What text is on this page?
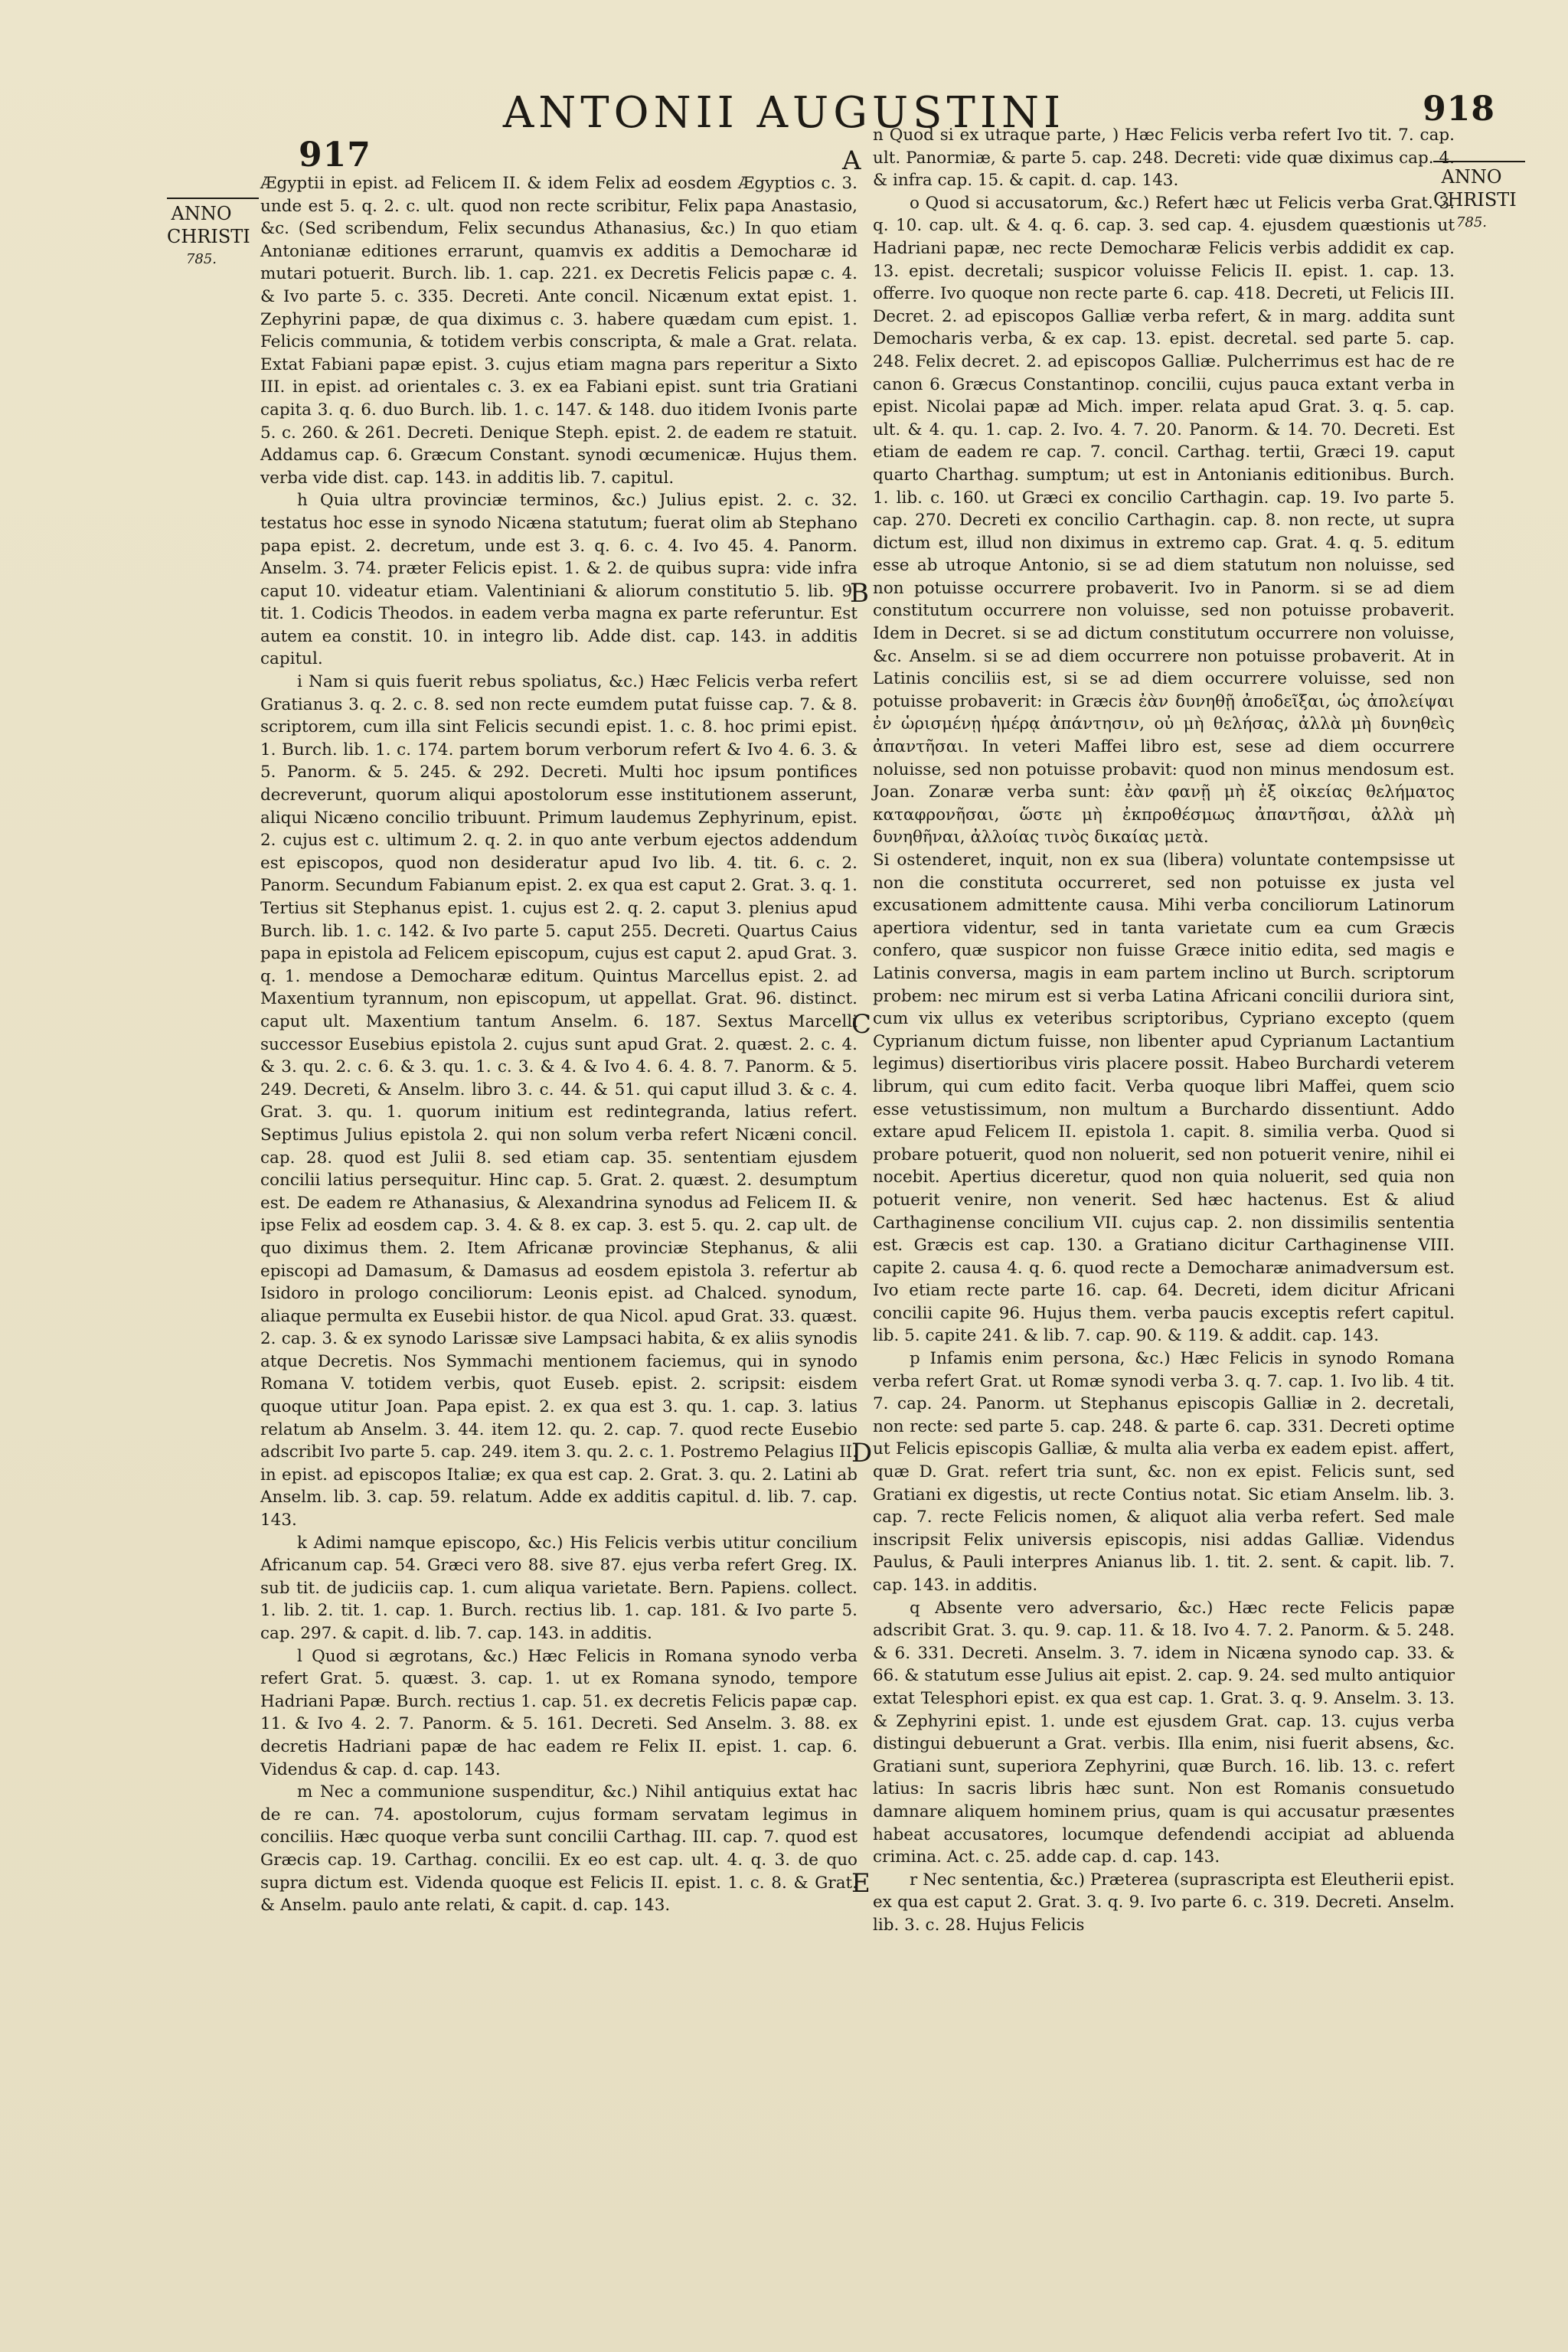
917
ANTONII AUGUSTINI	918
ANNO
CHRISTI
785.
ANNO
CHRISTI
785.
A
B
C
D
E

Ægyptii in epist. ad Felicem II. & idem Felix ad eosdem Ægyptios c. 3. unde est 5. q. 2. c. ult. quod non recte scribitur, Felix papa Anastasio, &c. (Sed scribendum, Felix secundus Athanasius, &c.) In quo etiam Antonianæ editiones errarunt, quamvis ex additis a Democharæ id mutari potuerit. Burch. lib. 1. cap. 221. ex Decretis Felicis papæ c. 4. & Ivo parte 5. c. 335. Decreti. Ante concil. Nicænum extat epist. 1. Zephyrini papæ, de qua diximus c. 3. habere quædam cum epist. 1. Felicis communia, & totidem verbis conscripta, & male a Grat. relata. Extat Fabiani papæ epist. 3. cujus etiam magna pars reperitur a Sixto III. in epist. ad orientales c. 3. ex ea Fabiani epist. sunt tria Gratiani capita 3. q. 6. duo Burch. lib. 1. c. 147. & 148. duo itidem Ivonis parte 5. c. 260. & 261. Decreti. Denique Steph. epist. 2. de eadem re statuit. Addamus cap. 6. Græcum Constant. synodi œcumenicæ. Hujus them. verba vide dist. cap. 143. in additis lib. 7. capitul.

h Quia ultra provinciæ terminos, &c.) Julius epist. 2. c. 32. testatus hoc esse in synodo Nicæna statutum; fuerat olim ab Stephano papa epist. 2. decretum, unde est 3. q. 6. c. 4. Ivo 45. 4. Panorm. Anselm. 3. 74. præter Felicis epist. 1. & 2. de quibus supra: vide infra caput 10. videatur etiam. Valentiniani & aliorum constitutio 5. lib. 9. tit. 1. Codicis Theodos. in eadem verba magna ex parte referuntur. Est autem ea constit. 10. in integro lib. Adde dist. cap. 143. in additis capitul.

i Nam si quis fuerit rebus spoliatus, &c.) Hæc Felicis verba refert Gratianus 3. q. 2. c. 8. sed non recte eumdem putat fuisse cap. 7. & 8. scriptorem, cum illa sint Felicis secundi epist. 1. c. 8. hoc primi epist. 1. Burch. lib. 1. c. 174. partem borum verborum refert & Ivo 4. 6. 3. & 5. Panorm. & 5. 245. & 292. Decreti. Multi hoc ipsum pontifices decreverunt, quorum aliqui apostolorum esse institutionem asserunt, aliqui Nicæno concilio tribuunt. Primum laudemus Zephyrinum, epist. 2. cujus est c. ultimum 2. q. 2. in quo ante verbum ejectos addendum est episcopos, quod non desideratur apud Ivo lib. 4. tit. 6. c. 2. Panorm. Secundum Fabianum epist. 2. ex qua est caput 2. Grat. 3. q. 1. Tertius sit Stephanus epist. 1. cujus est 2. q. 2. caput 3. plenius apud Burch. lib. 1. c. 142. & Ivo parte 5. caput 255. Decreti. Quartus Caius papa in epistola ad Felicem episcopum, cujus est caput 2. apud Grat. 3. q. 1. mendose a Democharæ editum. Quintus Marcellus epist. 2. ad Maxentium tyrannum, non episcopum, ut appellat. Grat. 96. distinct. caput ult. Maxentium tantum Anselm. 6. 187. Sextus Marcelli successor Eusebius epistola 2. cujus sunt apud Grat. 2. quæst. 2. c. 4. & 3. qu. 2. c. 6. & 3. qu. 1. c. 3. & 4. & Ivo 4. 6. 4. 8. 7. Panorm. & 5. 249. Decreti, & Anselm. libro 3. c. 44. & 51. qui caput illud 3. & c. 4. Grat. 3. qu. 1. quorum initium est redintegranda, latius refert. Septimus Julius epistola 2. qui non solum verba refert Nicæni concil. cap. 28. quod est Julii 8. sed etiam cap. 35. sententiam ejusdem concilii latius persequitur. Hinc cap. 5. Grat. 2. quæst. 2. desumptum est. De eadem re Athanasius, & Alexandrina synodus ad Felicem II. & ipse Felix ad eosdem cap. 3. 4. & 8. ex cap. 3. est 5. qu. 2. cap ult. de quo diximus them. 2. Item Africanæ provinciæ Stephanus, & alii episcopi ad Damasum, & Damasus ad eosdem epistola 3. refertur ab Isidoro in prologo conciliorum: Leonis epist. ad Chalced. synodum, aliaque permulta ex Eusebii histor. de qua Nicol. apud Grat. 33. quæst. 2. cap. 3. & ex synodo Larissæ sive Lampsaci habita, & ex aliis synodis atque Decretis. Nos Symmachi mentionem faciemus, qui in synodo Romana V. totidem verbis, quot Euseb. epist. 2. scripsit: eisdem quoque utitur Joan. Papa epist. 2. ex qua est 3. qu. 1. cap. 3. latius relatum ab Anselm. 3. 44. item 12. qu. 2. cap. 7. quod recte Eusebio adscribit Ivo parte 5. cap. 249. item 3. qu. 2. c. 1. Postremo Pelagius II. in epist. ad episcopos Italiæ; ex qua est cap. 2. Grat. 3. qu. 2. Latini ab Anselm. lib. 3. cap. 59. relatum. Adde ex additis capitul. d. lib. 7. cap. 143.

k Adimi namque episcopo, &c.) His Felicis verbis utitur concilium Africanum cap. 54. Græci vero 88. sive 87. ejus verba refert Greg. IX. sub tit. de judiciis cap. 1. cum aliqua varietate. Bern. Papiens. collect. 1. lib. 2. tit. 1. cap. 1. Burch. rectius lib. 1. cap. 181. & Ivo parte 5. cap. 297. & capit. d. lib. 7. cap. 143. in additis.

l Quod si ægrotans, &c.) Hæc Felicis in Romana synodo verba refert Grat. 5. quæst. 3. cap. 1. ut ex Romana synodo, tempore Hadriani Papæ. Burch. rectius 1. cap. 51. ex decretis Felicis papæ cap. 11. & Ivo 4. 2. 7. Panorm. & 5. 161. Decreti. Sed Anselm. 3. 88. ex decretis Hadriani papæ de hac eadem re Felix II. epist. 1. cap. 6. Videndus & cap. d. cap. 143.

m Nec a communione suspenditur, &c.) Nihil antiquius extat hac de re can. 74. apostolorum, cujus formam servatam legimus in conciliis. Hæc quoque verba sunt concilii Carthag. III. cap. 7. quod est Græcis cap. 19. Carthag. concilii. Ex eo est cap. ult. 4. q. 3. de quo supra dictum est. Videnda quoque est Felicis II. epist. 1. c. 8. & Grat. & Anselm. paulo ante relati, & capit. d. cap. 143.

n Quod si ex utraque parte, ) Hæc Felicis verba refert Ivo tit. 7. cap. ult. Panormiæ, & parte 5. cap. 248. Decreti: vide quæ diximus cap. 4. & infra cap. 15. & capit. d. cap. 143.

o Quod si accusatorum, &c.) Refert hæc ut Felicis verba Grat. 3. q. 10. cap. ult. & 4. q. 6. cap. 3. sed cap. 4. ejusdem quæstionis ut Hadriani papæ, nec recte Democharæ Felicis verbis addidit ex cap. 13. epist. decretali; suspicor voluisse Felicis II. epist. 1. cap. 13. offerre. Ivo quoque non recte parte 6. cap. 418. Decreti, ut Felicis III. Decret. 2. ad episcopos Galliæ verba refert, & in marg. addita sunt Democharis verba, & ex cap. 13. epist. decretal. sed parte 5. cap. 248. Felix decret. 2. ad episcopos Galliæ. Pulcherrimus est hac de re canon 6. Græcus Constantinop. concilii, cujus pauca extant verba in epist. Nicolai papæ ad Mich. imper. relata apud Grat. 3. q. 5. cap. ult. & 4. qu. 1. cap. 2. Ivo. 4. 7. 20. Panorm. & 14. 70. Decreti. Est etiam de eadem re cap. 7. concil. Carthag. tertii, Græci 19. caput quarto Charthag. sumptum; ut est in Antonianis editionibus. Burch. 1. lib. c. 160. ut Græci ex concilio Carthagin. cap. 19. Ivo parte 5. cap. 270. Decreti ex concilio Carthagin. cap. 8. non recte, ut supra dictum est, illud non diximus in extremo cap. Grat. 4. q. 5. editum esse ab utroque Antonio, si se ad diem statutum non noluisse, sed non potuisse occurrere probaverit. Ivo in Panorm. si se ad diem constitutum occurrere non voluisse, sed non potuisse probaverit. Idem in Decret. si se ad dictum constitutum occurrere non voluisse, &c. Anselm. si se ad diem occurrere non potuisse probaverit. At in Latinis conciliis est, si se ad diem occurrere voluisse, sed non potuisse probaverit: in Græcis ἐὰν δυνηθῇ ἀποδεῖξαι, ὡς ἀπολείψαι ἐν ὡρισμένῃ ἡμέρᾳ ἀπάντησιν, οὐ μὴ θελήσας, ἀλλὰ μὴ δυνηθεὶς ἀπαντῆσαι. In veteri Maffei libro est, sese ad diem occurrere noluisse, sed non potuisse probavit: quod non minus mendosum est. Joan. Zonaræ verba sunt: ἐὰν φανῇ μὴ ἐξ οἰκείας θελήματος καταφρονῆσαι, ὥστε μὴ ἐκπροθέσμως ἀπαντῆσαι, ἀλλὰ μὴ δυνηθῆναι, ἀλλοίας τινὸς δικαίας μετὰ.

Si ostenderet, inquit, non ex sua (libera) voluntate contempsisse ut non die constituta occurreret, sed non potuisse ex justa vel excusationem admittente causa. Mihi verba conciliorum Latinorum apertiora videntur, sed in tanta varietate cum ea cum Græcis confero, quæ suspicor non fuisse Græce initio edita, sed magis e Latinis conversa, magis in eam partem inclino ut Burch. scriptorum probem: nec mirum est si verba Latina Africani concilii duriora sint, cum vix ullus ex veteribus scriptoribus, Cypriano excepto (quem Cyprianum dictum fuisse, non libenter apud Cyprianum Lactantium legimus) disertioribus viris placere possit. Habeo Burchardi veterem librum, qui cum edito facit. Verba quoque libri Maffei, quem scio esse vetustissimum, non multum a Burchardo dissentiunt. Addo extare apud Felicem II. epistola 1. capit. 8. similia verba. Quod si probare potuerit, quod non noluerit, sed non potuerit venire, nihil ei nocebit. Apertius diceretur, quod non quia noluerit, sed quia non potuerit venire, non venerit. Sed hæc hactenus. Est & aliud Carthaginense concilium VII. cujus cap. 2. non dissimilis sententia est. Græcis est cap. 130. a Gratiano dicitur Carthaginense VIII. capite 2. causa 4. q. 6. quod recte a Democharæ animadversum est. Ivo etiam recte parte 16. cap. 64. Decreti, idem dicitur Africani concilii capite 96. Hujus them. verba paucis exceptis refert capitul. lib. 5. capite 241. & lib. 7. cap. 90. & 119. & addit. cap. 143.

p Infamis enim persona, &c.) Hæc Felicis in synodo Romana verba refert Grat. ut Romæ synodi verba 3. q. 7. cap. 1. Ivo lib. 4 tit. 7. cap. 24. Panorm. ut Stephanus episcopis Galliæ in 2. decretali, non recte: sed parte 5. cap. 248. & parte 6. cap. 331. Decreti optime ut Felicis episcopis Galliæ, & multa alia verba ex eadem epist. affert, quæ D. Grat. refert tria sunt, &c. non ex epist. Felicis sunt, sed Gratiani ex digestis, ut recte Contius notat. Sic etiam Anselm. lib. 3. cap. 7. recte Felicis nomen, & aliquot alia verba refert. Sed male inscripsit Felix universis episcopis, nisi addas Galliæ. Videndus Paulus, & Pauli interpres Anianus lib. 1. tit. 2. sent. & capit. lib. 7. cap. 143. in additis.

q Absente vero adversario, &c.) Hæc recte Felicis papæ adscribit Grat. 3. qu. 9. cap. 11. & 18. Ivo 4. 7. 2. Panorm. & 5. 248. & 6. 331. Decreti. Anselm. 3. 7. idem in Nicæna synodo cap. 33. & 66. & statutum esse Julius ait epist. 2. cap. 9. 24. sed multo antiquior extat Telesphori epist. ex qua est cap. 1. Grat. 3. q. 9. Anselm. 3. 13. & Zephyrini epist. 1. unde est ejusdem Grat. cap. 13. cujus verba distingui debuerunt a Grat. verbis. Illa enim, nisi fuerit absens, &c. Gratiani sunt, superiora Zephyrini, quæ Burch. 16. lib. 13. c. refert latius: In sacris libris hæc sunt. Non est Romanis consuetudo damnare aliquem hominem prius, quam is qui accusatur præsentes habeat accusatores, locumque defendendi accipiat ad abluenda crimina. Act. c. 25. adde cap. d. cap. 143.

r Nec sententia, &c.) Præterea (suprascripta est Eleutherii epist. ex qua est caput 2. Grat. 3. q. 9. Ivo parte 6. c. 319. Decreti. Anselm. lib. 3. c. 28. Hujus Felicis
